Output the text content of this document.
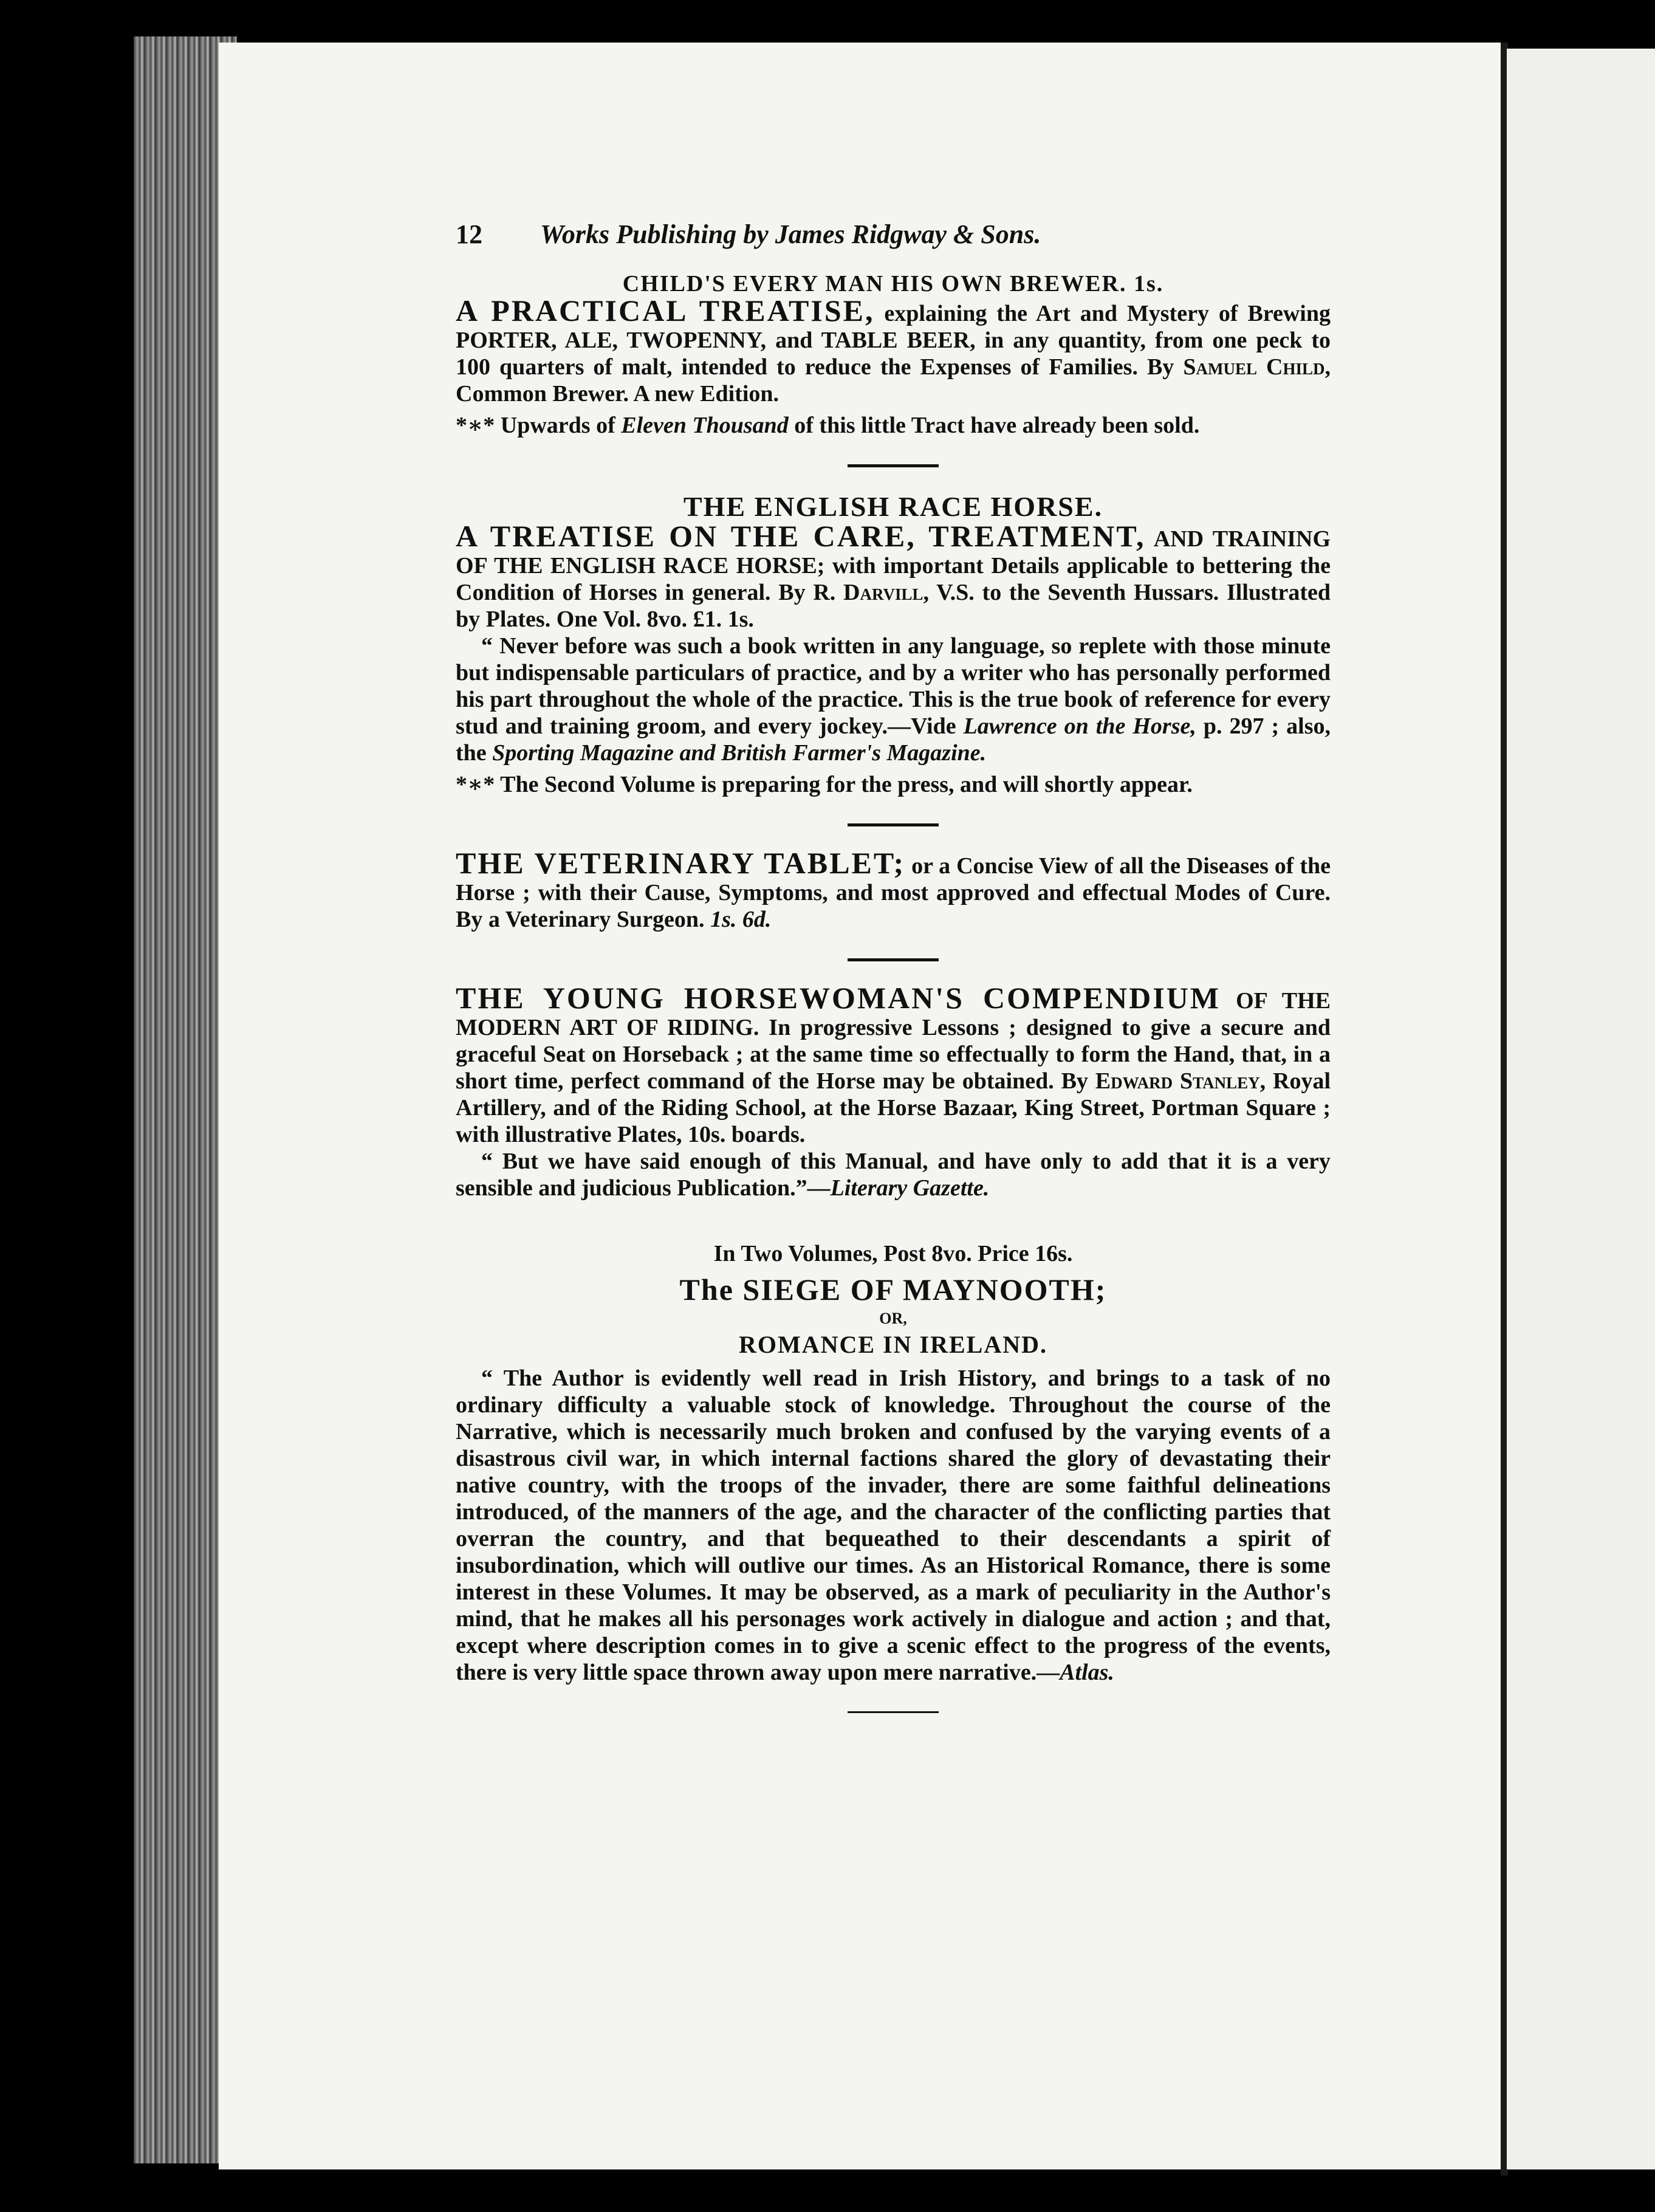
12 Works Publishing by James Ridgway & Sons.

CHILD'S EVERY MAN HIS OWN BREWER. 1s.

A PRACTICAL TREATISE, explaining the Art and Mystery of Brewing PORTER, ALE, TWOPENNY, and TABLE BEER, in any quantity, from one peck to 100 quarters of malt, intended to reduce the Expenses of Families. By Samuel Child, Common Brewer. A new Edition.

*∗* Upwards of Eleven Thousand of this little Tract have already been sold.

THE ENGLISH RACE HORSE.

A TREATISE ON THE CARE, TREATMENT, AND TRAINING OF THE ENGLISH RACE HORSE; with important Details applicable to bettering the Condition of Horses in general. By R. Darvill, V.S. to the Seventh Hussars. Illustrated by Plates. One Vol. 8vo. £1. 1s.

“ Never before was such a book written in any language, so replete with those minute but indispensable particulars of practice, and by a writer who has personally performed his part throughout the whole of the practice. This is the true book of reference for every stud and training groom, and every jockey.—Vide Lawrence on the Horse, p. 297 ; also, the Sporting Magazine and British Farmer's Magazine.

*∗* The Second Volume is preparing for the press, and will shortly appear.

THE VETERINARY TABLET; or a Concise View of all the Diseases of the Horse ; with their Cause, Symptoms, and most approved and effectual Modes of Cure. By a Veterinary Surgeon. 1s. 6d.

THE YOUNG HORSEWOMAN'S COMPENDIUM OF THE MODERN ART OF RIDING. In progressive Lessons ; designed to give a secure and graceful Seat on Horseback ; at the same time so effectually to form the Hand, that, in a short time, perfect command of the Horse may be obtained. By Edward Stanley, Royal Artillery, and of the Riding School, at the Horse Bazaar, King Street, Portman Square ; with illustrative Plates, 10s. boards.

“ But we have said enough of this Manual, and have only to add that it is a very sensible and judicious Publication.”—Literary Gazette.

In Two Volumes, Post 8vo. Price 16s.

The SIEGE OF MAYNOOTH;

OR,

ROMANCE IN IRELAND.

“ The Author is evidently well read in Irish History, and brings to a task of no ordinary difficulty a valuable stock of knowledge. Throughout the course of the Narrative, which is necessarily much broken and confused by the varying events of a disastrous civil war, in which internal factions shared the glory of devastating their native country, with the troops of the invader, there are some faithful delineations introduced, of the manners of the age, and the character of the conflicting parties that overran the country, and that bequeathed to their descendants a spirit of insubordination, which will outlive our times. As an Historical Romance, there is some interest in these Volumes. It may be observed, as a mark of peculiarity in the Author's mind, that he makes all his personages work actively in dialogue and action ; and that, except where description comes in to give a scenic effect to the progress of the events, there is very little space thrown away upon mere narrative.—Atlas.
